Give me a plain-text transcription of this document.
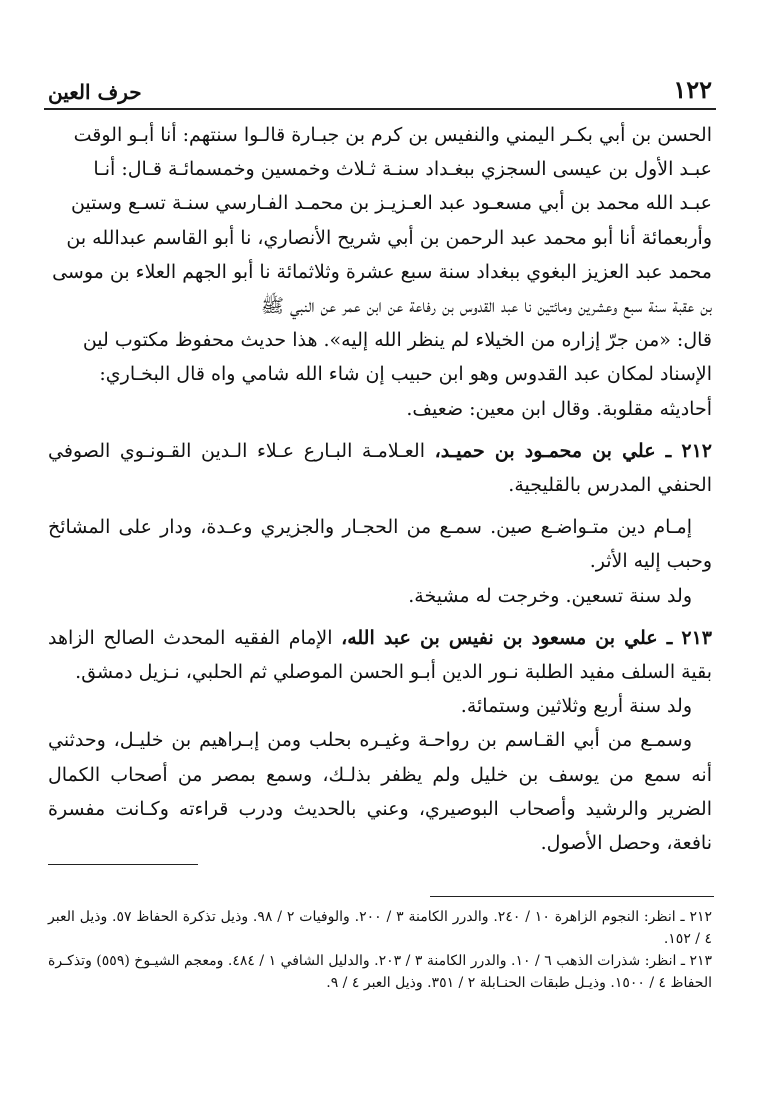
١٢٢
حرف العين
الحسن بن أبي بكـر اليمني والنفيس بن كرم بن جبـارة قالـوا سنتهم: أنا أبـو الوقت
عبـد الأول بن عيسى السجزي ببغـداد سنـة ثـلاث وخمسين وخمسمائـة قـال: أنـا
عبـد الله محمد بن أبي مسعـود عبد العـزيـز بن محمـد الفـارسي سنـة تسـع وستين
وأربعمائة أنا أبو محمد عبد الرحمن بن أبي شريح الأنصاري، نا أبو القاسم عبدالله بن
محمد عبد العزيز البغوي ببغداد سنة سبع عشرة وثلاثمائة نا أبو الجهم العلاء بن موسى
بن عقبة سنة سبع وعشرين ومائتين نا عبد القدوس بن رفاعة عن ابن عمر عن النبي ﷺ
قال: «من جرّ إزاره من الخيلاء لم ينظر الله إليه». هذا حديث محفوظ مكتوب لين
الإسناد لمكان عبد القدوس وهو ابن حبيب إن شاء الله شامي واه قال البخـاري:
أحاديثه مقلوبة. وقال ابن معين: ضعيف.

٢١٢ ـ علي بن محمـود بن حميـد، العـلامـة البـارع عـلاء الـدين القـونـوي الصوفي الحنفي المدرس بالقليجية.

إمـام دين متـواضـع صين. سمـع من الحجـار والجزيري وعـدة، ودار على المشائخ وحبب إليه الأثر.

ولد سنة تسعين. وخرجت له مشيخة.

٢١٣ ـ علي بن مسعود بن نفيس بن عبد الله، الإمام الفقيه المحدث الصالح الزاهد بقية السلف مفيد الطلبة نـور الدين أبـو الحسن الموصلي ثم الحلبي، نـزيل دمشق.

ولد سنة أربع وثلاثين وستمائة.

وسمـع من أبي القـاسم بن رواحـة وغيـره بحلب ومن إبـراهيم بن خليـل، وحدثني أنه سمع من يوسف بن خليل ولم يظفر بذلـك، وسمع بمصر من أصحاب الكمال الضرير والرشيد وأصحاب البوصيري، وعني بالحديث ودرب قراءته وكـانت مفسرة نافعة، وحصل الأصول.

٢١٢ ـ انظر: النجوم الزاهرة ١٠ / ٢٤٠. والدرر الكامنة ٣ / ٢٠٠. والوفيات ٢ / ٩٨. وذيل تذكرة الحفاظ ٥٧. وذيل العبر ٤ / ١٥٢.

٢١٣ ـ انظر: شذرات الذهب ٦ / ١٠. والدرر الكامنة ٣ / ٢٠٣. والدليل الشافي ١ / ٤٨٤. ومعجم الشيـوخ (٥٥٩) وتذكـرة الحفاظ ٤ / ١٥٠٠. وذيـل طبقات الحنـابلة ٢ / ٣٥١. وذيل العبر ٤ / ٩.
